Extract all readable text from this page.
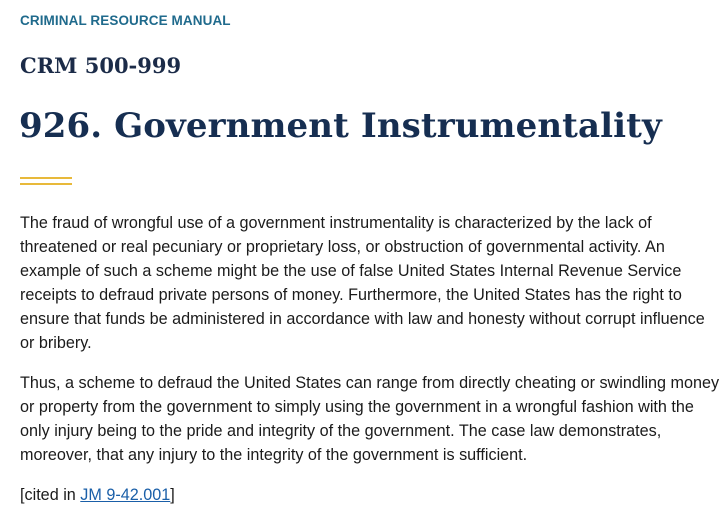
CRIMINAL RESOURCE MANUAL

CRM 500-999

926. Government Instrumentality

The fraud of wrongful use of a government instrumentality is characterized by the lack of threatened or real pecuniary or proprietary loss, or obstruction of governmental activity. An example of such a scheme might be the use of false United States Internal Revenue Service receipts to defraud private persons of money. Furthermore, the United States has the right to ensure that funds be administered in accordance with law and honesty without corrupt influence or bribery.

Thus, a scheme to defraud the United States can range from directly cheating or swindling money or property from the government to simply using the government in a wrongful fashion with the only injury being to the pride and integrity of the government. The case law demonstrates, moreover, that any injury to the integrity of the government is sufficient.

[cited in JM 9-42.001]
